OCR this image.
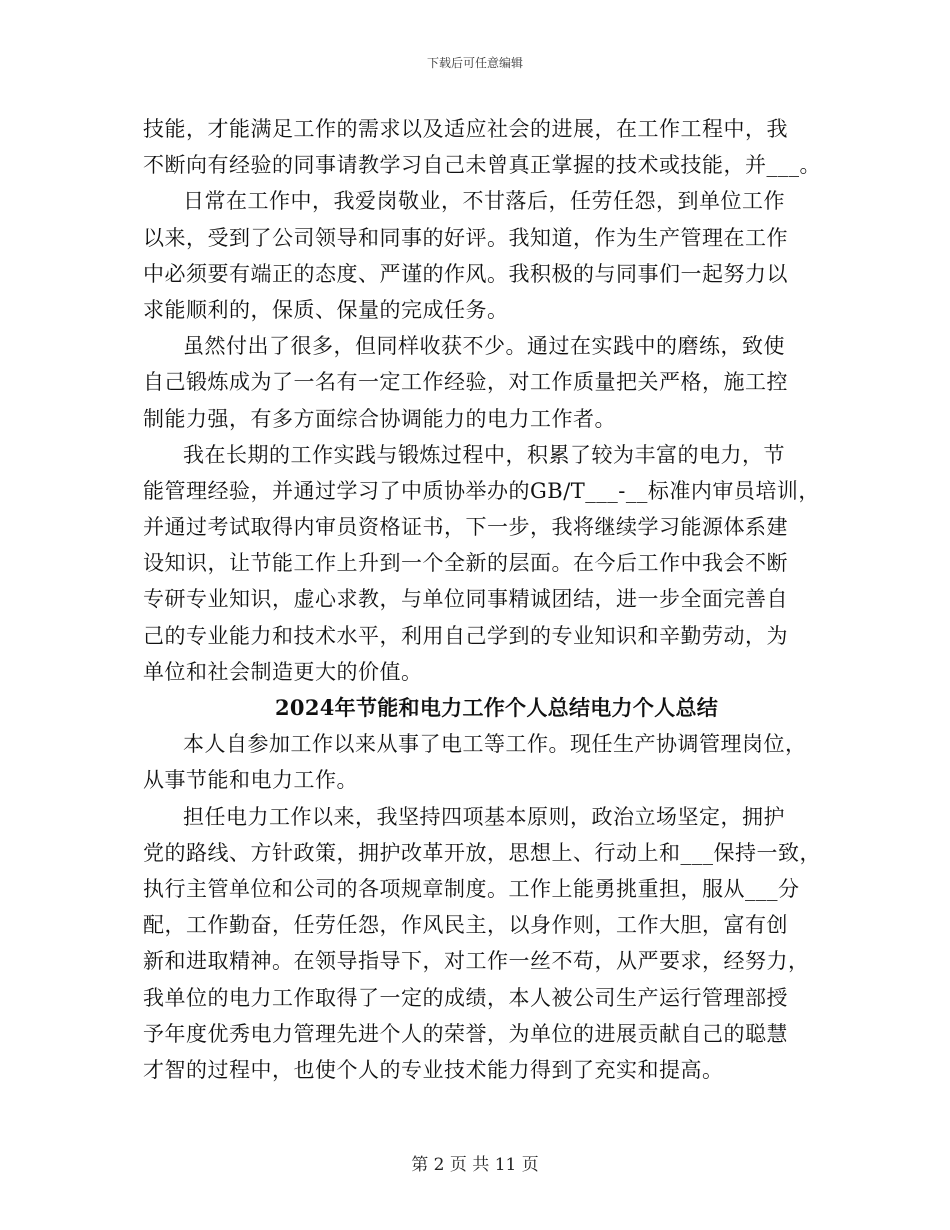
下载后可任意编辑
技能，才能满足工作的需求以及适应社会的进展，在工作工程中，我
不断向有经验的同事请教学习自己未曾真正掌握的技术或技能，并___。
日常在工作中，我爱岗敬业，不甘落后，任劳任怨，到单位工作
以来，受到了公司领导和同事的好评。我知道，作为生产管理在工作
中必须要有端正的态度、严谨的作风。我积极的与同事们一起努力以
求能顺利的，保质、保量的完成任务。
虽然付出了很多，但同样收获不少。通过在实践中的磨练，致使
自己锻炼成为了一名有一定工作经验，对工作质量把关严格，施工控
制能力强，有多方面综合协调能力的电力工作者。
我在长期的工作实践与锻炼过程中，积累了较为丰富的电力，节
能管理经验，并通过学习了中质协举办的GB/T___-__标准内审员培训，
并通过考试取得内审员资格证书，下一步，我将继续学习能源体系建
设知识，让节能工作上升到一个全新的层面。在今后工作中我会不断
专研专业知识，虚心求教，与单位同事精诚团结，进一步全面完善自
己的专业能力和技术水平，利用自己学到的专业知识和辛勤劳动，为
单位和社会制造更大的价值。
2024年节能和电力工作个人总结电力个人总结
本人自参加工作以来从事了电工等工作。现任生产协调管理岗位，
从事节能和电力工作。
担任电力工作以来，我坚持四项基本原则，政治立场坚定，拥护
党的路线、方针政策，拥护改革开放，思想上、行动上和___保持一致，
执行主管单位和公司的各项规章制度。工作上能勇挑重担，服从___分
配，工作勤奋，任劳任怨，作风民主，以身作则，工作大胆，富有创
新和进取精神。在领导指导下，对工作一丝不苟，从严要求，经努力，
我单位的电力工作取得了一定的成绩，本人被公司生产运行管理部授
予年度优秀电力管理先进个人的荣誉，为单位的进展贡献自己的聪慧
才智的过程中，也使个人的专业技术能力得到了充实和提高。
第 2 页 共 11 页
